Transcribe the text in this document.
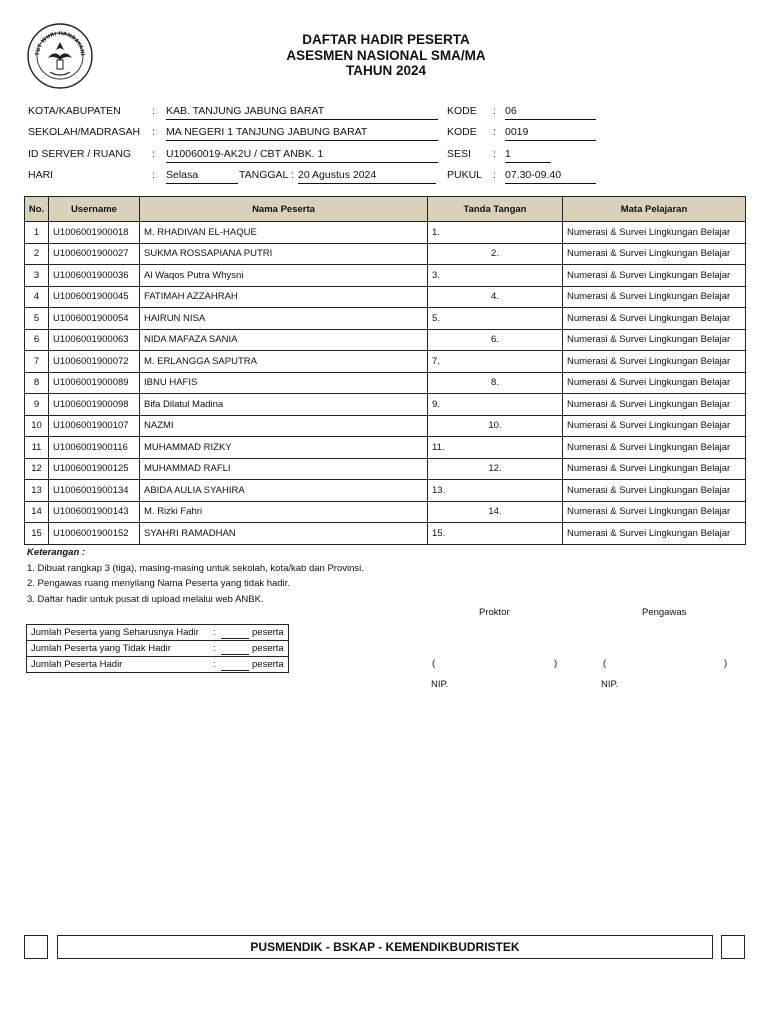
TUT WURI HANDAYANI
DAFTAR HADIR PESERTA
ASESMEN NASIONAL SMA/MA
TAHUN 2024
KOTA/KABUPATEN	: KAB. TANJUNG JABUNG BARAT	KODE : 06
SEKOLAH/MADRASAH : MA NEGERI 1 TANJUNG JABUNG BARAT	KODE : 0019
ID SERVER / RUANG : U10060019-AK2U / CBT ANBK. 1	SESI : 1
HARI	: Selasa	TANGGAL : 20 Agustus 2024	PUKUL : 07.30-09.40
No.	Username	Nama Peserta	Tanda Tangan	Mata Pelajaran
1	U1006001900018	M. RHADIVAN EL-HAQUE	1.	Numerasi & Survei Lingkungan Belajar
2	U1006001900027	SUKMA ROSSAPIANA PUTRI	2.	Numerasi & Survei Lingkungan Belajar
3	U1006001900036	Al Waqos Putra Whysni	3.	Numerasi & Survei Lingkungan Belajar
4	U1006001900045	FATIMAH AZZAHRAH	4.	Numerasi & Survei Lingkungan Belajar
5	U1006001900054	HAIRUN NISA	5.	Numerasi & Survei Lingkungan Belajar
6	U1006001900063	NIDA MAFAZA SANIA	6.	Numerasi & Survei Lingkungan Belajar
7	U1006001900072	M. ERLANGGA SAPUTRA	7.	Numerasi & Survei Lingkungan Belajar
8	U1006001900089	IBNU HAFIS	8.	Numerasi & Survei Lingkungan Belajar
9	U1006001900098	Bifa Dilatul Madina	9.	Numerasi & Survei Lingkungan Belajar
10	U1006001900107	NAZMI	10.	Numerasi & Survei Lingkungan Belajar
11	U1006001900116	MUHAMMAD RIZKY	11.	Numerasi & Survei Lingkungan Belajar
12	U1006001900125	MUHAMMAD RAFLI	12.	Numerasi & Survei Lingkungan Belajar
13	U1006001900134	ABIDA AULIA SYAHIRA	13.	Numerasi & Survei Lingkungan Belajar
14	U1006001900143	M. Rizki Fahri	14.	Numerasi & Survei Lingkungan Belajar
15	U1006001900152	SYAHRI RAMADHAN	15.	Numerasi & Survei Lingkungan Belajar
Keterangan :
1. Dibuat rangkap 3 (tiga), masing-masing untuk sekolah, kota/kab dan Provinsi.
2. Pengawas ruang menyilang Nama Peserta yang tidak hadir.
3. Daftar hadir untuk pusat di upload melalui web ANBK.
Jumlah Peserta yang Seharusnya Hadir :	peserta
Jumlah Peserta yang Tidak Hadir	:	peserta
Jumlah Peserta Hadir	:	peserta
Proktor	Pengawas
(	)	(	)
NIP.	NIP.
PUSMENDIK - BSKAP - KEMENDIKBUDRISTEK
